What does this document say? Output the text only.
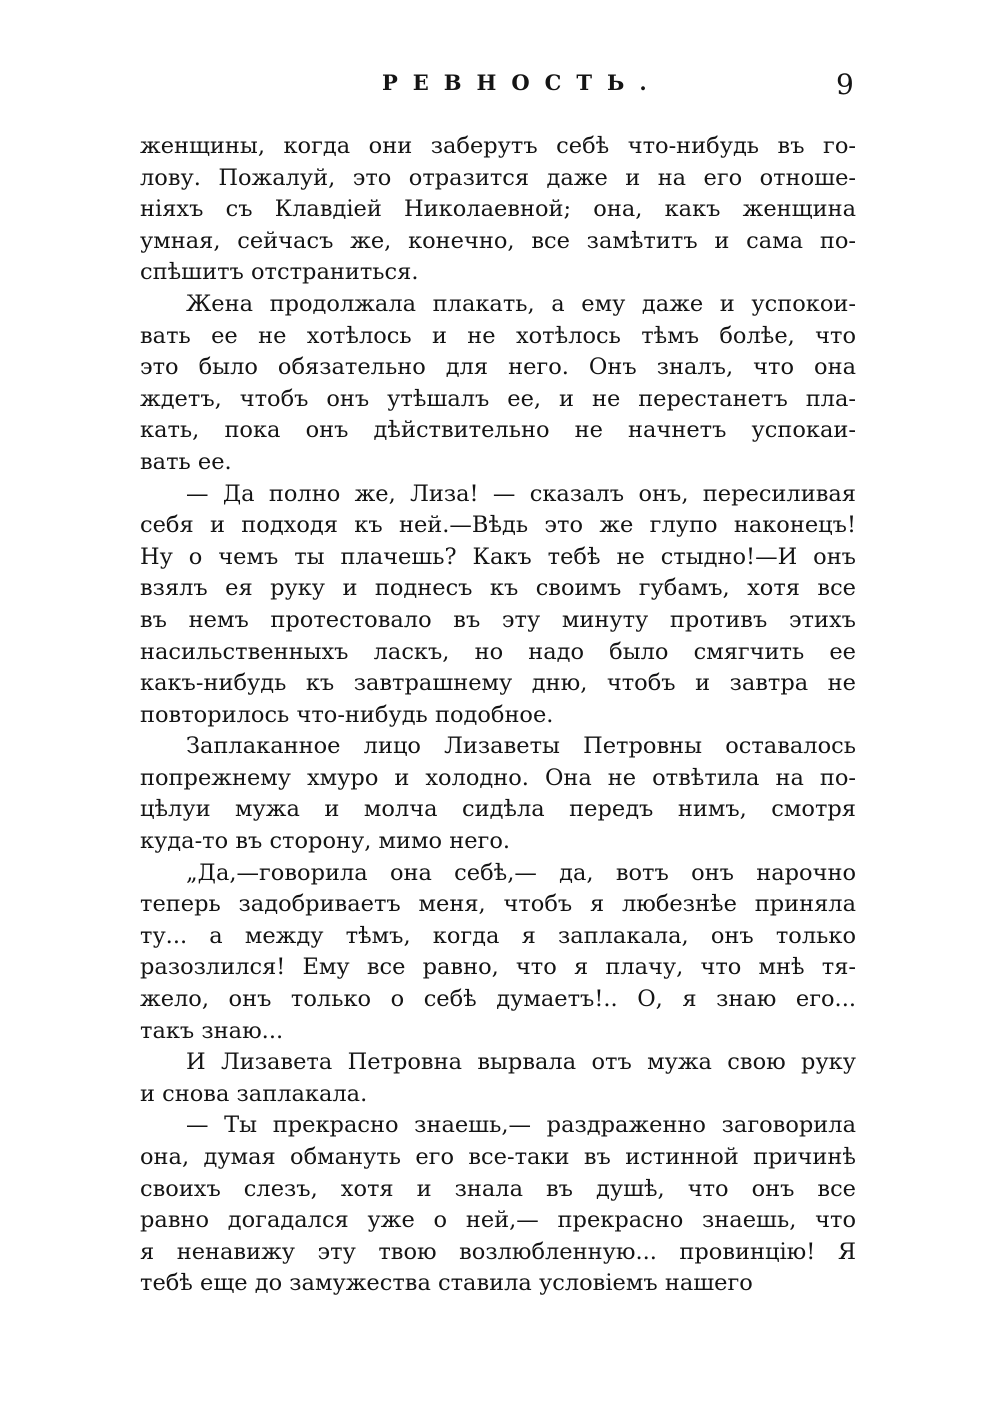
РЕВНОСТЬ.	9
женщины, когда они заберутъ себѣ что-нибудь въ го-
лову. Пожалуй, это отразится даже и на его отноше-
ніяхъ съ Клавдіей Николаевной; она, какъ женщина
умная, сейчасъ же, конечно, все замѣтитъ и сама по-
спѣшитъ отстраниться.
Жена продолжала плакать, а ему даже и успокои-
вать ее не хотѣлось и не хотѣлось тѣмъ болѣе, что
это было обязательно для него. Онъ зналъ, что она
ждетъ, чтобъ онъ утѣшалъ ее, и не перестанетъ пла-
кать, пока онъ дѣйствительно не начнетъ успокаи-
вать ее.
— Да полно же, Лиза! — сказалъ онъ, пересиливая
себя и подходя къ ней.—Вѣдь это же глупо наконецъ!
Ну о чемъ ты плачешь? Какъ тебѣ не стыдно!—И онъ
взялъ ея руку и поднесъ къ своимъ губамъ, хотя все
въ немъ протестовало въ эту минуту противъ этихъ
насильственныхъ ласкъ, но надо было смягчить ее
какъ-нибудь къ завтрашнему дню, чтобъ и завтра не
повторилось что-нибудь подобное.
Заплаканное лицо Лизаветы Петровны оставалось
попрежнему хмуро и холодно. Она не отвѣтила на по-
цѣлуи мужа и молча сидѣла передъ нимъ, смотря
куда-то въ сторону, мимо него.
„Да,—говорила она себѣ,— да, вотъ онъ нарочно
теперь задобриваетъ меня, чтобъ я любезнѣе приняла
ту... а между тѣмъ, когда я заплакала, онъ только
разозлился! Ему все равно, что я плачу, что мнѣ тя-
жело, онъ только о себѣ думаетъ!.. О, я знаю его...
такъ знаю...
И Лизавета Петровна вырвала отъ мужа свою руку
и снова заплакала.
— Ты прекрасно знаешь,— раздраженно заговорила
она, думая обмануть его все-таки въ истинной причинѣ
своихъ слезъ, хотя и знала въ душѣ, что онъ все
равно догадался уже о ней,— прекрасно знаешь, что
я ненавижу эту твою возлюбленную... провинцію! Я
тебѣ еще до замужества ставила условіемъ нашего
